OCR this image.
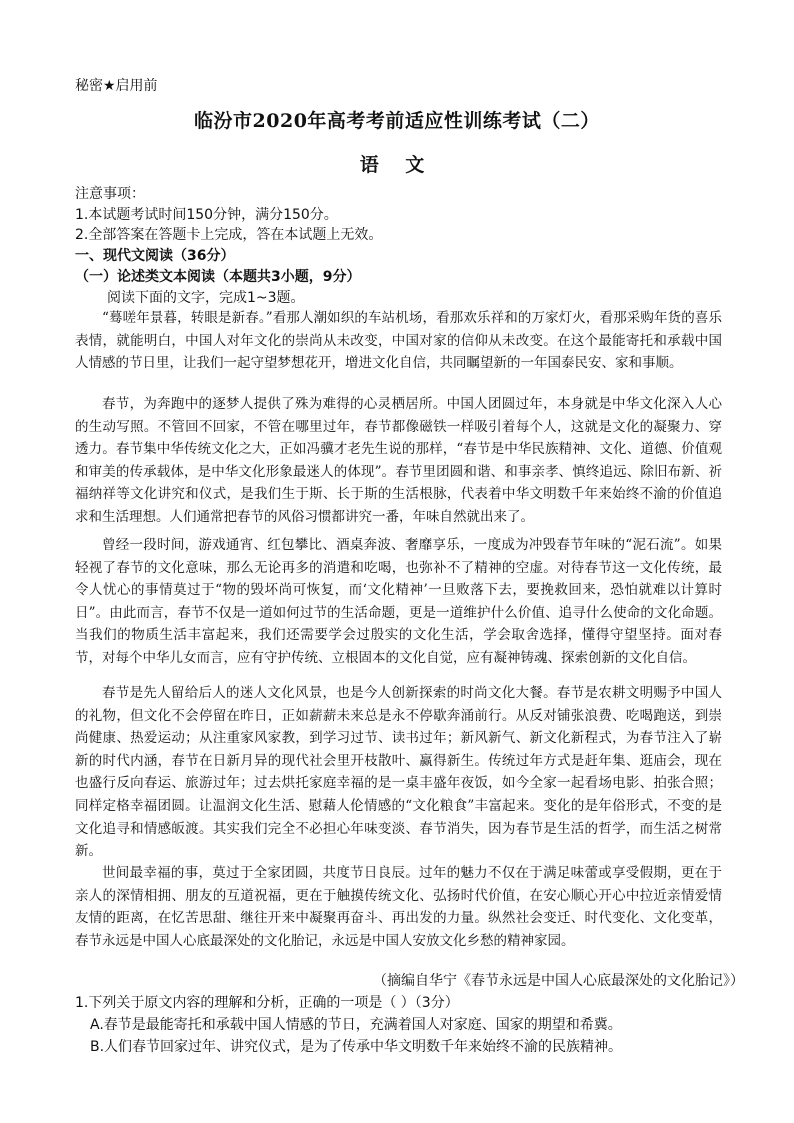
秘密★启用前
临汾市2020年高考考前适应性训练考试（二）
语 文
注意事项：
1.本试题考试时间150分钟，满分150分。
2.全部答案在答题卡上完成，答在本试题上无效。
一、现代文阅读（36分）
（一）论述类文本阅读（本题共3小题，9分）
阅读下面的文字，完成1~3题。

“蓦嗟年景暮，转眼是新春。”看那人潮如织的车站机场，看那欢乐祥和的万家灯火，看那采购年货的喜乐表情，就能明白，中国人对年文化的崇尚从未改变，中国对家的信仰从未改变。在这个最能寄托和承载中国人情感的节日里，让我们一起守望梦想花开，增进文化自信，共同瞩望新的一年国泰民安、家和事顺。

春节，为奔跑中的逐梦人提供了殊为难得的心灵栖居所。中国人团圆过年，本身就是中华文化深入人心的生动写照。不管回不回家，不管在哪里过年，春节都像磁铁一样吸引着每个人，这就是文化的凝聚力、穿透力。春节集中华传统文化之大，正如冯骥才老先生说的那样，“春节是中华民族精神、文化、道德、价值观和审美的传承载体，是中华文化形象最迷人的体现”。春节里团圆和谐、和事亲孝、慎终追远、除旧布新、祈福纳祥等文化讲究和仪式，是我们生于斯、长于斯的生活根脉，代表着中华文明数千年来始终不渝的价值追求和生活理想。人们通常把春节的风俗习惯都讲究一番，年味自然就出来了。

曾经一段时间，游戏通宵、红包攀比、酒桌奔波、奢靡享乐，一度成为冲毁春节年味的“泥石流”。如果轻视了春节的文化意味，那么无论再多的消遣和吃喝，也弥补不了精神的空虚。对待春节这一文化传统，最令人忧心的事情莫过于“物的毁坏尚可恢复，而‘文化精神’一旦败落下去，要挽救回来，恐怕就难以计算时日”。由此而言，春节不仅是一道如何过节的生活命题，更是一道维护什么价值、追寻什么使命的文化命题。当我们的物质生活丰富起来，我们还需要学会过殷实的文化生活，学会取舍选择，懂得守望坚持。面对春节，对每个中华儿女而言，应有守护传统、立根固本的文化自觉，应有凝神铸魂、探索创新的文化自信。

春节是先人留给后人的迷人文化风景，也是今人创新探索的时尚文化大餐。春节是农耕文明赐予中国人的礼物，但文化不会停留在昨日，正如薪薪未来总是永不停歇奔涌前行。从反对铺张浪费、吃喝跑送，到崇尚健康、热爱运动；从注重家风家教，到学习过节、读书过年；新风新气、新文化新程式，为春节注入了崭新的时代内涵，春节在日新月异的现代社会里开枝散叶、赢得新生。传统过年方式是赶年集、逛庙会，现在也盛行反向春运、旅游过年；过去烘托家庭幸福的是一桌丰盛年夜饭，如今全家一起看场电影、拍张合照；同样定格幸福团圆。让温润文化生活、慰藉人伦情感的“文化粮食”丰富起来。变化的是年俗形式，不变的是文化追寻和情感皈渡。其实我们完全不必担心年味变淡、春节消失，因为春节是生活的哲学，而生活之树常新。

世间最幸福的事，莫过于全家团圆，共度节日良辰。过年的魅力不仅在于满足味蕾或享受假期，更在于亲人的深情相拥、朋友的互道祝福，更在于触摸传统文化、弘扬时代价值，在安心顺心开心中拉近亲情爱情友情的距离，在忆苦思甜、继往开来中凝聚再奋斗、再出发的力量。纵然社会变迁、时代变化、文化变革，春节永远是中国人心底最深处的文化胎记，永远是中国人安放文化乡愁的精神家园。

（摘编自华宁《春节永远是中国人心底最深处的文化胎记》）
1.下列关于原文内容的理解和分析，正确的一项是（ ）（3分）
A.春节是最能寄托和承载中国人情感的节日，充满着国人对家庭、国家的期望和希冀。
B.人们春节回家过年、讲究仪式，是为了传承中华文明数千年来始终不渝的民族精神。
